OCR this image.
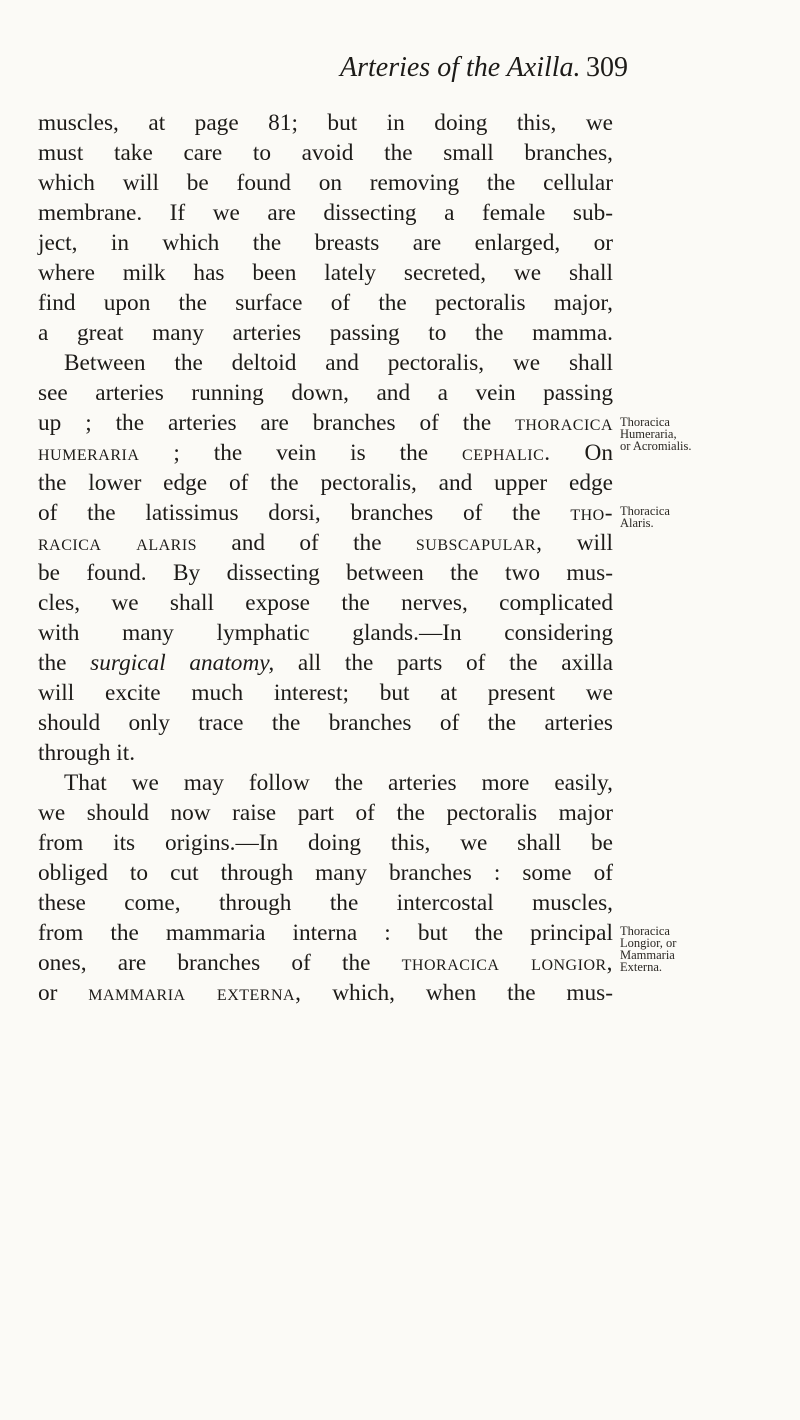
Arteries of the Axilla. 309
muscles, at page 81; but in doing this, we
must take care to avoid the small branches,
which will be found on removing the cellular
membrane. If we are dissecting a female sub-
ject, in which the breasts are enlarged, or
where milk has been lately secreted, we shall
find upon the surface of the pectoralis major,
a great many arteries passing to the mamma.
Between the deltoid and pectoralis, we shall
see arteries running down, and a vein passing
up ; the arteries are branches of the thoracica
humeraria ; the vein is the cephalic. On
the lower edge of the pectoralis, and upper edge
of the latissimus dorsi, branches of the tho-
racica alaris and of the subscapular, will
be found. By dissecting between the two mus-
cles, we shall expose the nerves, complicated
with many lymphatic glands.—In considering
the surgical anatomy, all the parts of the axilla
will excite much interest; but at present we
should only trace the branches of the arteries
through it.
That we may follow the arteries more easily,
we should now raise part of the pectoralis major
from its origins.—In doing this, we shall be
obliged to cut through many branches : some of
these come, through the intercostal muscles,
from the mammaria interna : but the principal
ones, are branches of the thoracica longior,
or mammaria externa, which, when the mus-
Thoracica
Humeraria,
or Acromialis.
Thoracica
Alaris.
Thoracica
Longior, or
Mammaria
Externa.
